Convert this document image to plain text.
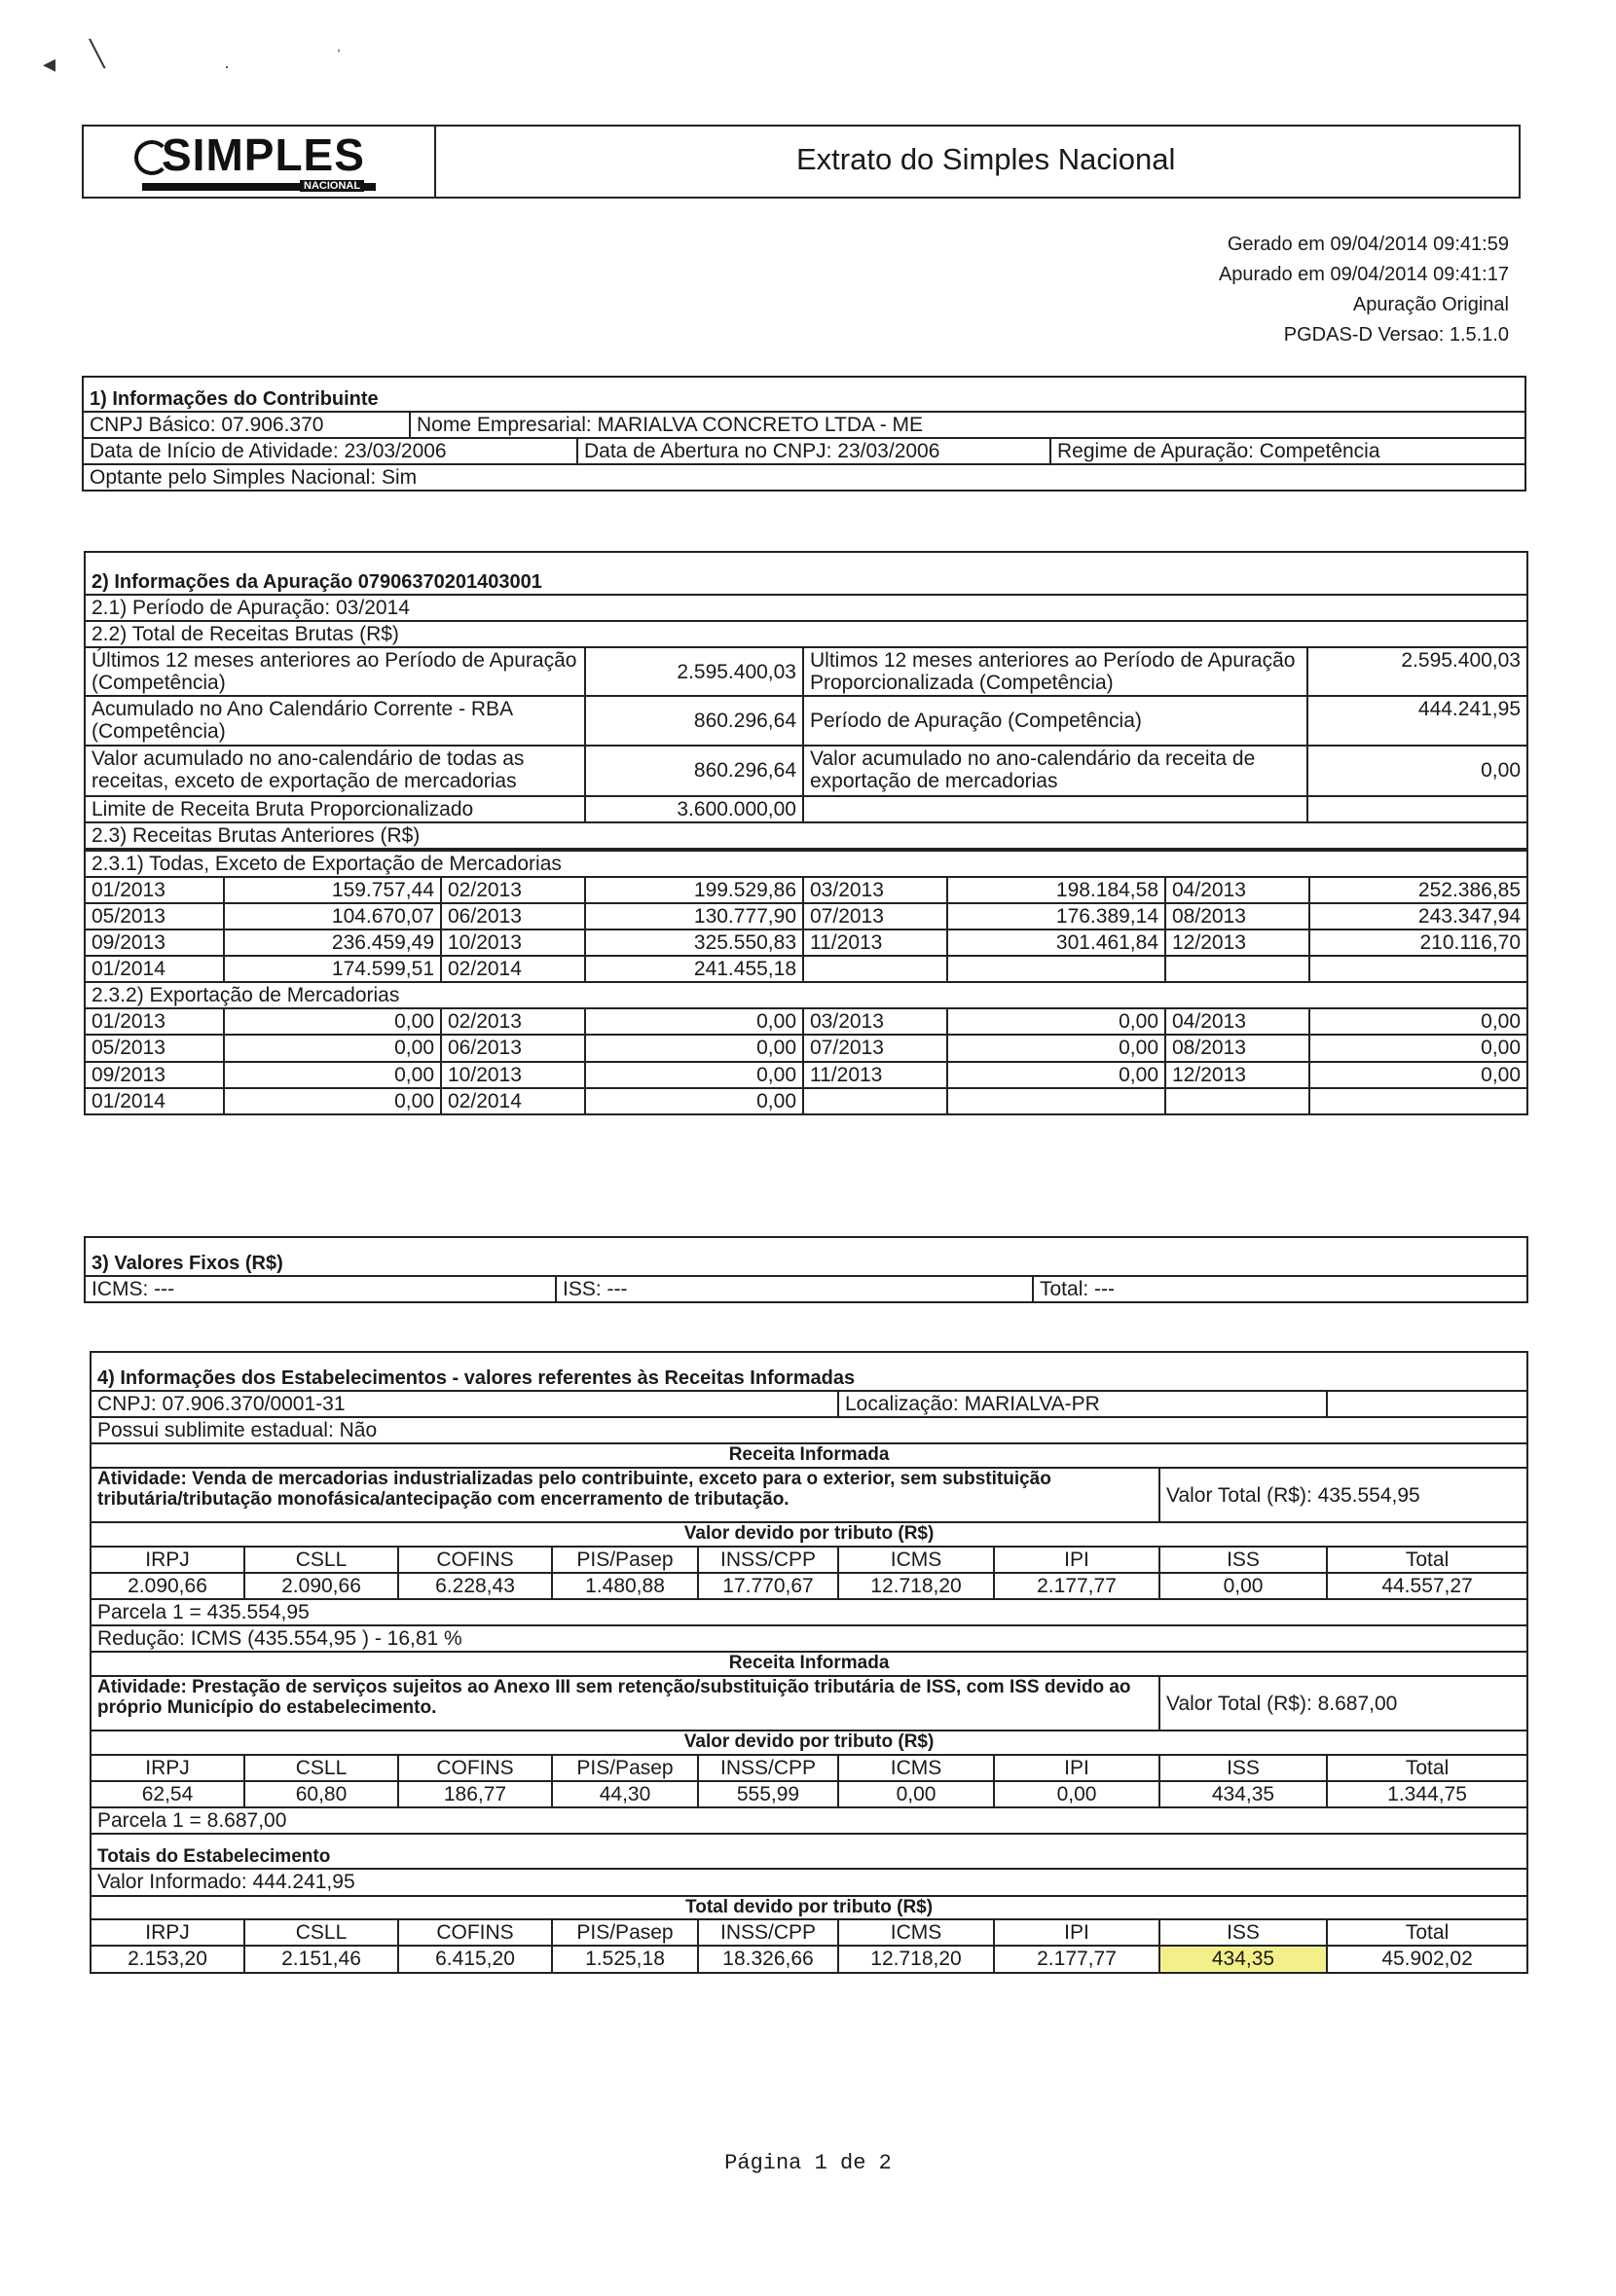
◂ ╲	·	ˈ
SIMPLES
NACIONAL
Extrato do Simples Nacional
Gerado em 09/04/2014 09:41:59
Apurado em 09/04/2014 09:41:17
Apuração Original
PGDAS-D Versao: 1.5.1.0
1) Informações do Contribuinte			
CNPJ Básico: 07.906.370	Nome Empresarial: MARIALVA CONCRETO LTDA - ME		
Data de Início de Atividade: 23/03/2006		Data de Abertura no CNPJ: 23/03/2006	Regime de Apuração: Competência
Optante pelo Simples Nacional: Sim			
2) Informações da Apuração 07906370201403001			
2.1) Período de Apuração: 03/2014			
2.2) Total de Receitas Brutas (R$)			
Últimos 12 meses anteriores ao Período de Apuração (Competência)	2.595.400,03	Ultimos 12 meses anteriores ao Período de Apuração Proporcionalizada (Competência)	2.595.400,03
Acumulado no Ano Calendário Corrente - RBA (Competência)	860.296,64	Período de Apuração (Competência)	444.241,95
Valor acumulado no ano-calendário de todas as receitas, exceto de exportação de mercadorias	860.296,64	Valor acumulado no ano-calendário da receita de exportação de mercadorias	0,00
Limite de Receita Bruta Proporcionalizado	3.600.000,00		
2.3) Receitas Brutas Anteriores (R$)			
2.3.1) Todas, Exceto de Exportação de Mercadorias							
01/2013	159.757,44	02/2013	199.529,86	03/2013	198.184,58	04/2013	252.386,85
05/2013	104.670,07	06/2013	130.777,90	07/2013	176.389,14	08/2013	243.347,94
09/2013	236.459,49	10/2013	325.550,83	11/2013	301.461,84	12/2013	210.116,70
01/2014	174.599,51	02/2014	241.455,18				
2.3.2) Exportação de Mercadorias							
01/2013	0,00	02/2013	0,00	03/2013	0,00	04/2013	0,00
05/2013	0,00	06/2013	0,00	07/2013	0,00	08/2013	0,00
09/2013	0,00	10/2013	0,00	11/2013	0,00	12/2013	0,00
01/2014	0,00	02/2014	0,00				
3) Valores Fixos (R$)
ICMS: ---	ISS: ---	Total: ---
4) Informações dos Estabelecimentos - valores referentes às Receitas Informadas								
CNPJ: 07.906.370/0001-31					Localização: MARIALVA-PR			
Possui sublimite estadual: Não								
Receita Informada								
Atividade: Venda de mercadorias industrializadas pelo contribuinte, exceto para o exterior, sem substituição tributária/tributação monofásica/antecipação com encerramento de tributação.							Valor Total (R$): 435.554,95	
Valor devido por tributo (R$)								
IRPJ	CSLL	COFINS	PIS/Pasep	INSS/CPP	ICMS	IPI	ISS	Total
2.090,66	2.090,66	6.228,43	1.480,88	17.770,67	12.718,20	2.177,77	0,00	44.557,27
Parcela 1 = 435.554,95								
Redução: ICMS (435.554,95 ) - 16,81 %								
Receita Informada								
Atividade: Prestação de serviços sujeitos ao Anexo III sem retenção/substituição tributária de ISS, com ISS devido ao próprio Município do estabelecimento.							Valor Total (R$): 8.687,00	
Valor devido por tributo (R$)								
IRPJ	CSLL	COFINS	PIS/Pasep	INSS/CPP	ICMS	IPI	ISS	Total
62,54	60,80	186,77	44,30	555,99	0,00	0,00	434,35	1.344,75
Parcela 1 = 8.687,00								
Totais do Estabelecimento								
Valor Informado: 444.241,95								
Total devido por tributo (R$)								
IRPJ	CSLL	COFINS	PIS/Pasep	INSS/CPP	ICMS	IPI	ISS	Total
2.153,20	2.151,46	6.415,20	1.525,18	18.326,66	12.718,20	2.177,77	434,35	45.902,02
Página 1 de 2
